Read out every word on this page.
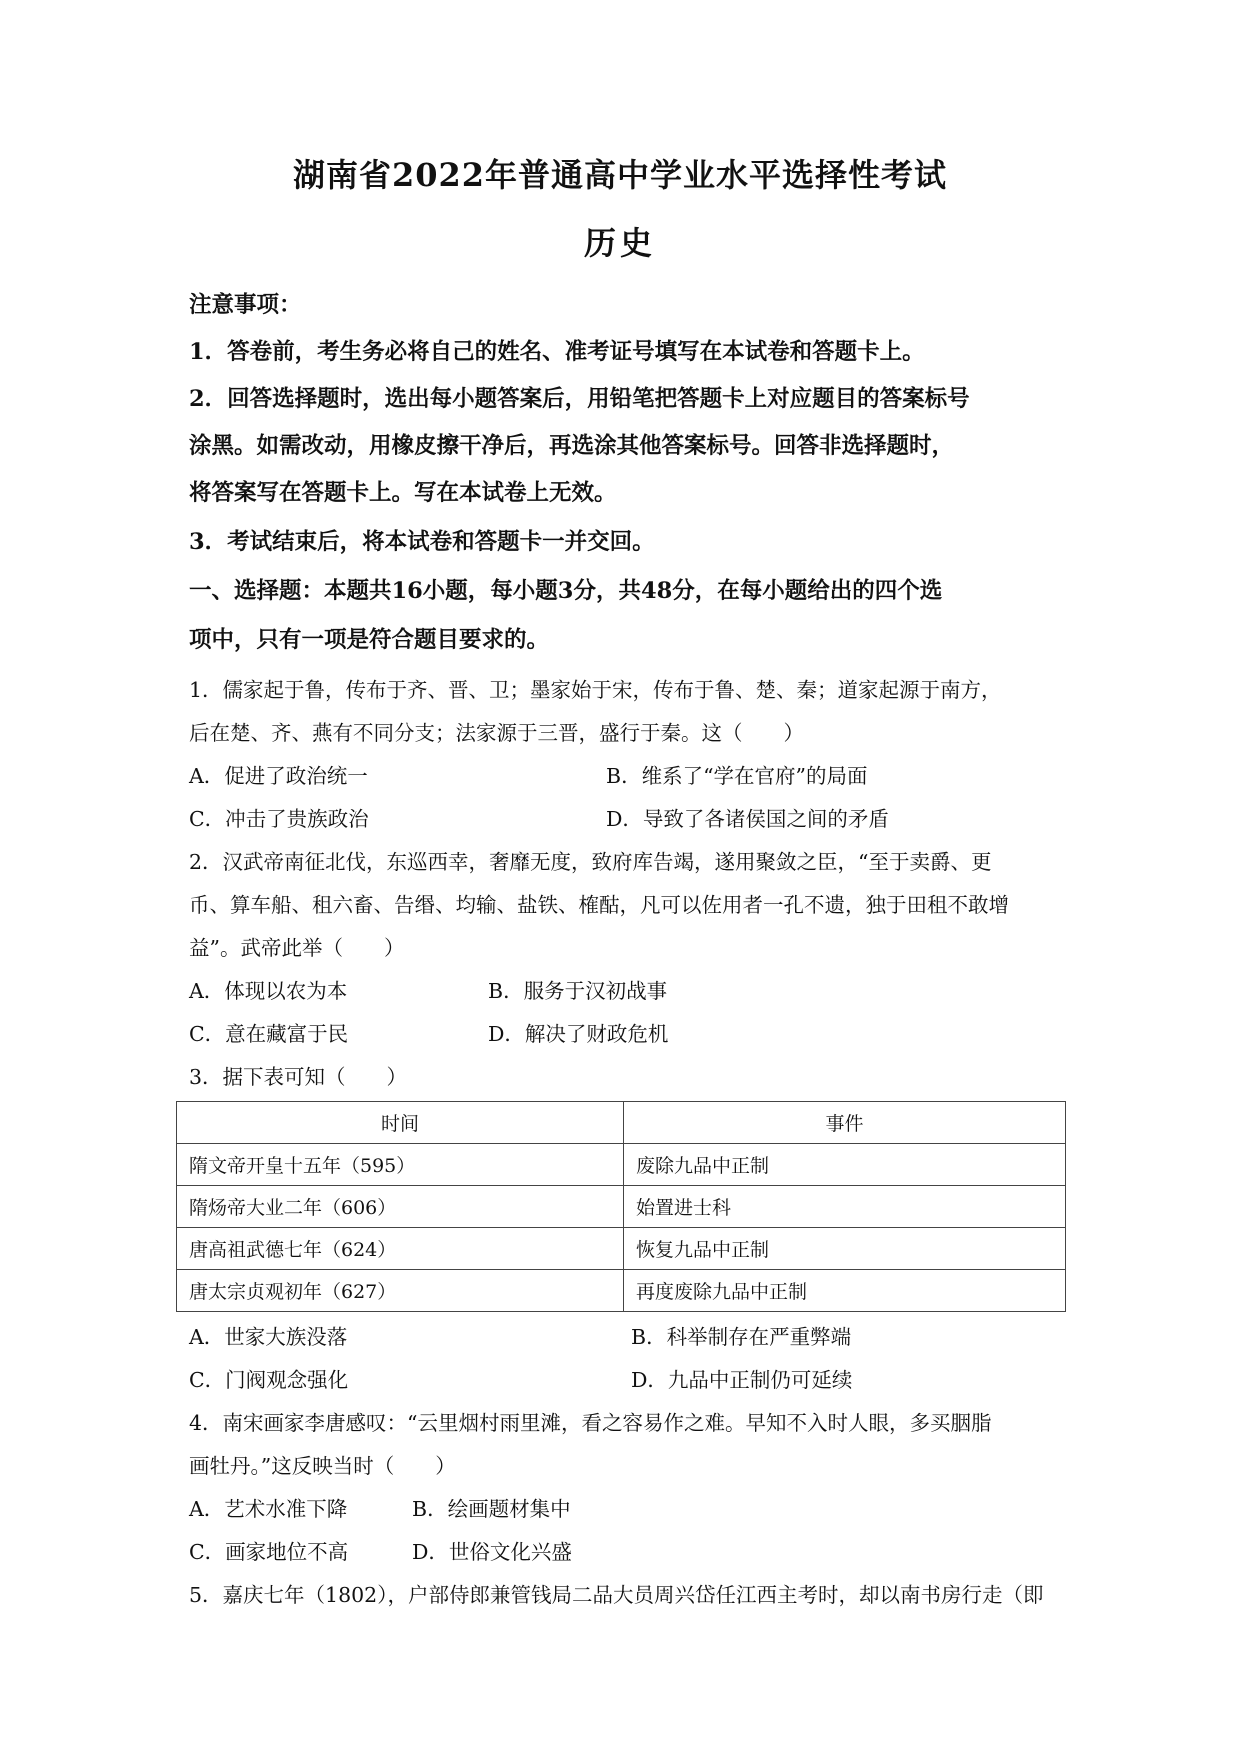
湖南省2022年普通高中学业水平选择性考试
历史
注意事项：
1．答卷前，考生务必将自己的姓名、准考证号填写在本试卷和答题卡上。
2．回答选择题时，选出每小题答案后，用铅笔把答题卡上对应题目的答案标号
涂黑。如需改动，用橡皮擦干净后，再选涂其他答案标号。回答非选择题时，
将答案写在答题卡上。写在本试卷上无效。
3．考试结束后，将本试卷和答题卡一并交回。
一、选择题：本题共16小题，每小题3分，共48分，在每小题给出的四个选
项中，只有一项是符合题目要求的。
1．儒家起于鲁，传布于齐、晋、卫；墨家始于宋，传布于鲁、楚、秦；道家起源于南方，
后在楚、齐、燕有不同分支；法家源于三晋，盛行于秦。这（　　）
A．促进了政治统一	B．维系了“学在官府”的局面
C．冲击了贵族政治	D．导致了各诸侯国之间的矛盾
2．汉武帝南征北伐，东巡西幸，奢靡无度，致府库告竭，遂用聚敛之臣，“至于卖爵、更
币、算车船、租六畜、告缗、均输、盐铁、榷酤，凡可以佐用者一孔不遗，独于田租不敢增
益”。武帝此举（　　）
A．体现以农为本	B．服务于汉初战事
C．意在藏富于民	D．解决了财政危机
3．据下表可知（　　）
时间	事件
隋文帝开皇十五年（595）	废除九品中正制
隋炀帝大业二年（606）	始置进士科
唐高祖武德七年（624）	恢复九品中正制
唐太宗贞观初年（627）	再度废除九品中正制
A．世家大族没落	B．科举制存在严重弊端
C．门阀观念强化	D．九品中正制仍可延续
4．南宋画家李唐感叹：“云里烟村雨里滩，看之容易作之难。早知不入时人眼，多买胭脂
画牡丹。”这反映当时（　　）
A．艺术水准下降	B．绘画题材集中
C．画家地位不高	D．世俗文化兴盛
5．嘉庆七年（1802），户部侍郎兼管钱局二品大员周兴岱任江西主考时，却以南书房行走（即
